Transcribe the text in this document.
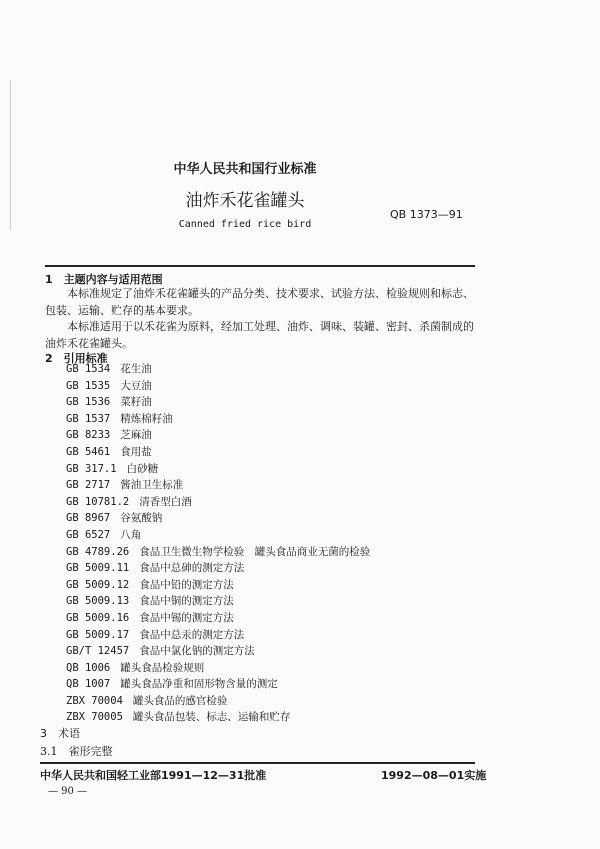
中华人民共和国行业标准
油炸禾花雀罐头
QB 1373—91
Canned fried rice bird
1　主题内容与适用范围

本标准规定了油炸禾花雀罐头的产品分类、技术要求、试验方法、检验规则和标志、包装、运输、贮存的基本要求。

本标准适用于以禾花雀为原料，经加工处理、油炸、调味、装罐、密封、杀菌制成的油炸禾花雀罐头。

2　引用标准
GB 1534 花生油
GB 1535 大豆油
GB 1536 菜籽油
GB 1537 精炼棉籽油
GB 8233 芝麻油
GB 5461 食用盐
GB 317.1 白砂糖
GB 2717 酱油卫生标准
GB 10781.2 清香型白酒
GB 8967 谷氨酸钠
GB 6527 八角
GB 4789.26 食品卫生微生物学检验　罐头食品商业无菌的检验
GB 5009.11 食品中总砷的测定方法
GB 5009.12 食品中铅的测定方法
GB 5009.13 食品中铜的测定方法
GB 5009.16 食品中锡的测定方法
GB 5009.17 食品中总汞的测定方法
GB/T 12457 食品中氯化钠的测定方法
QB 1006 罐头食品检验规则
QB 1007 罐头食品净重和固形物含量的测定
ZBX 70004 罐头食品的感官检验
ZBX 70005 罐头食品包装、标志、运输和贮存
3　术语
3.1　雀形完整
中华人民共和国轻工业部1991—12—31批准	1992—08—01实施
— 90 —
